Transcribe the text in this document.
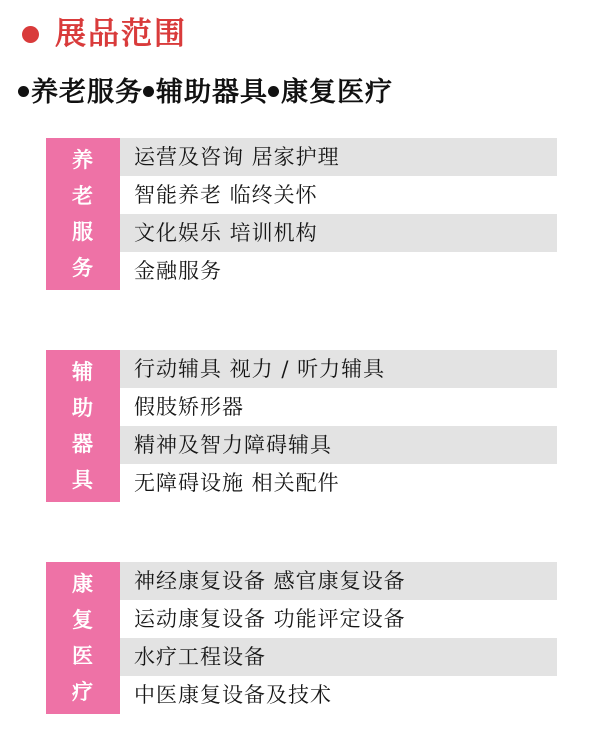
展品范围
养老服务 辅助器具 康复医疗
养
老
服
务
运营及咨询 居家护理
智能养老 临终关怀
文化娱乐 培训机构
金融服务
辅
助
器
具
行动辅具 视力 / 听力辅具
假肢矫形器
精神及智力障碍辅具
无障碍设施 相关配件
康
复
医
疗
神经康复设备 感官康复设备
运动康复设备 功能评定设备
水疗工程设备
中医康复设备及技术
